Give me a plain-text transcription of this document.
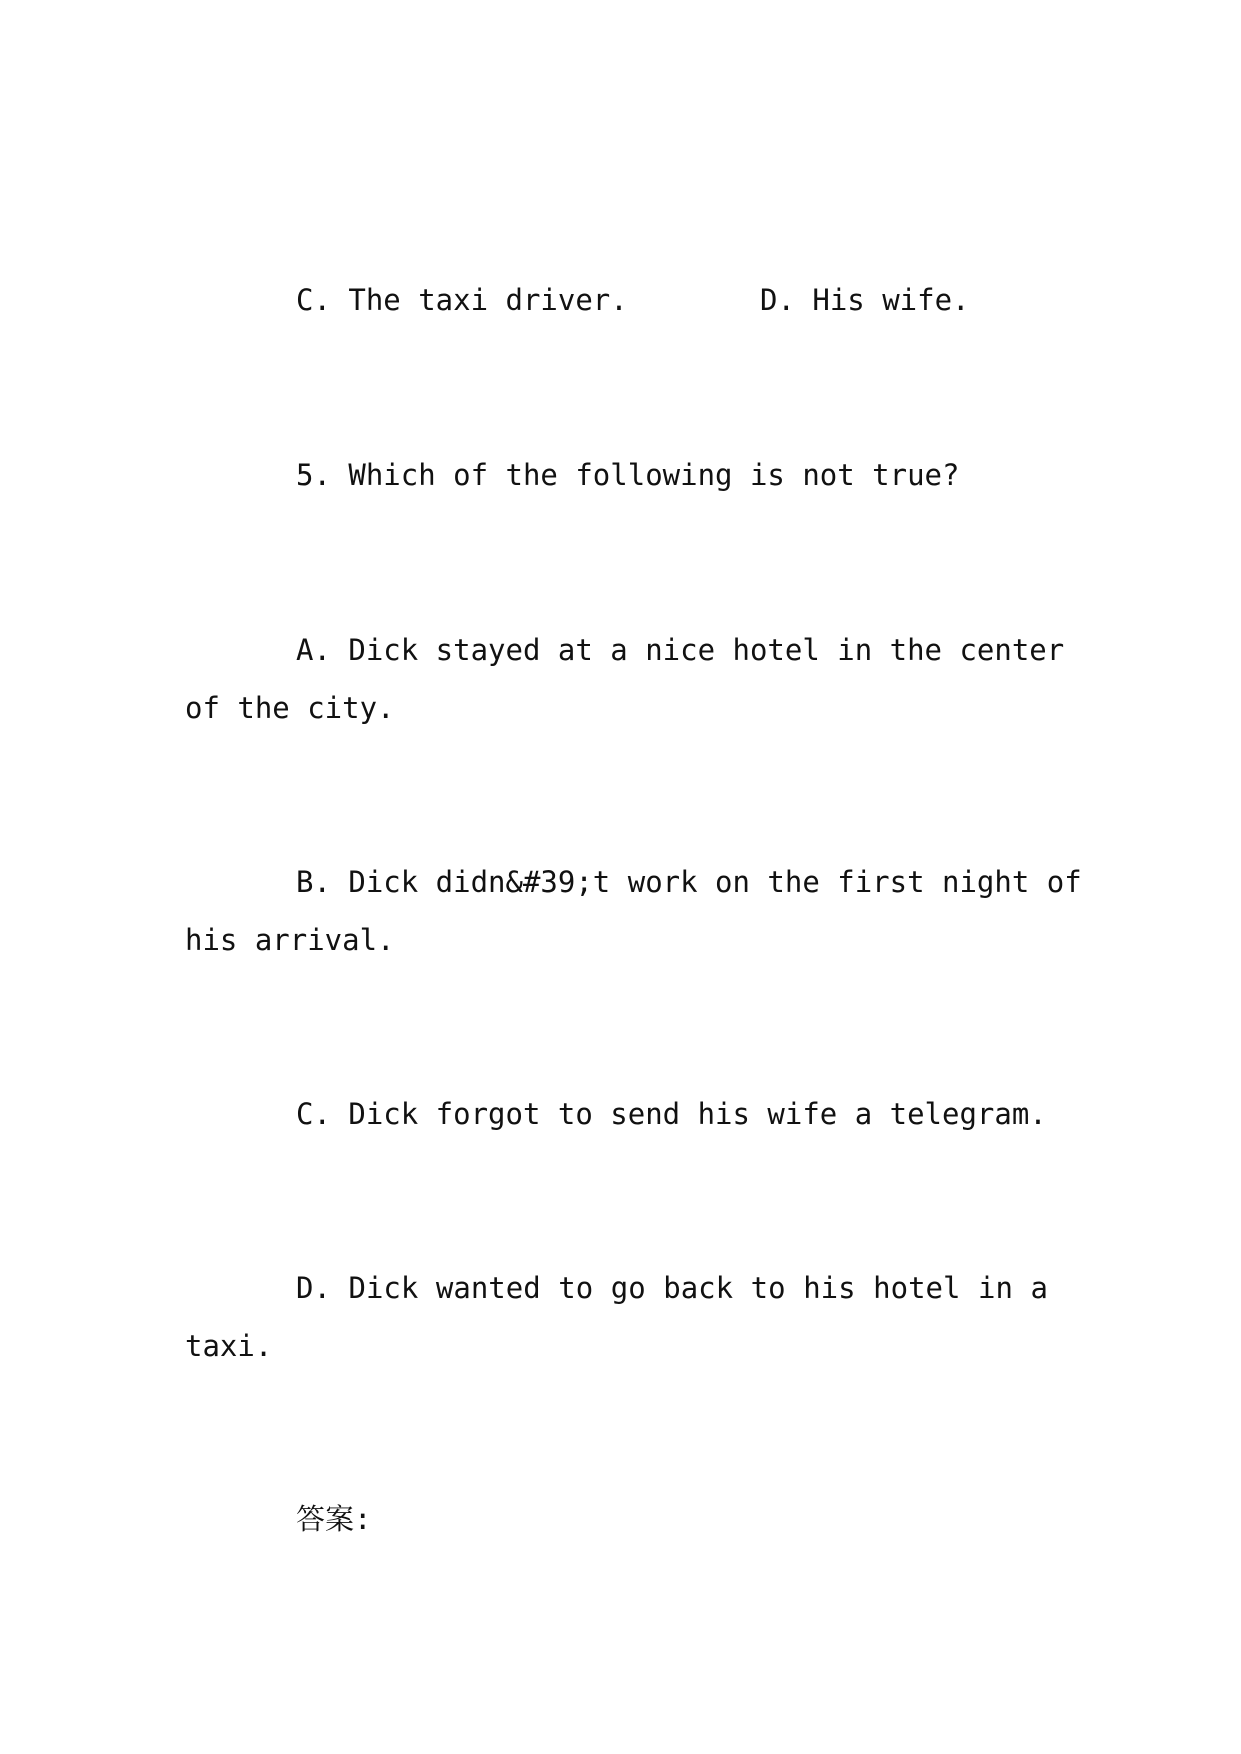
C. The taxi driver.	D. His wife.
5. Which of the following is not true?
A. Dick stayed at a nice hotel in the center
of the city.
B. Dick didn&#39;t work on the first night of
his arrival.
C. Dick forgot to send his wife a telegram.
D. Dick wanted to go back to his hotel in a
taxi.
答案:
